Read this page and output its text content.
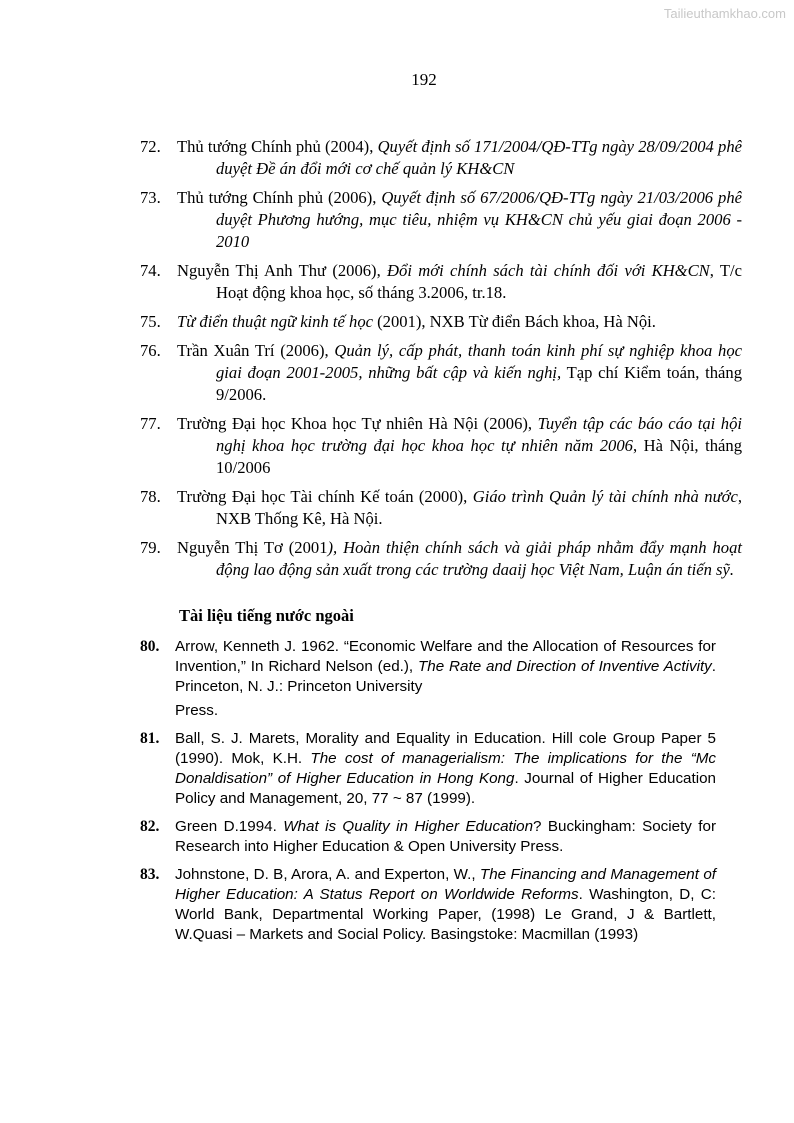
Tailieuthamkhao.com
192
72. Thủ tướng Chính phủ (2004), Quyết định số 171/2004/QĐ-TTg ngày 28/09/2004 phê duyệt Đề án đổi mới cơ chế quản lý KH&CN
73. Thủ tướng Chính phủ (2006), Quyết định số 67/2006/QĐ-TTg ngày 21/03/2006 phê duyệt Phương hướng, mục tiêu, nhiệm vụ KH&CN chủ yếu giai đoạn 2006 - 2010
74. Nguyễn Thị Anh Thư (2006), Đổi mới chính sách tài chính đối với KH&CN, T/c Hoạt động khoa học, số tháng 3.2006, tr.18.
75. Từ điển thuật ngữ kinh tế học (2001), NXB Từ điển Bách khoa, Hà Nội.
76. Trần Xuân Trí (2006), Quản lý, cấp phát, thanh toán kinh phí sự nghiệp khoa học giai đoạn 2001-2005, những bất cập và kiến nghị, Tạp chí Kiểm toán, tháng 9/2006.
77. Trường Đại học Khoa học Tự nhiên Hà Nội (2006), Tuyển tập các báo cáo tại hội nghị khoa học trường đại học khoa học tự nhiên năm 2006, Hà Nội, tháng 10/2006
78. Trường Đại học Tài chính Kế toán (2000), Giáo trình Quản lý tài chính nhà nước, NXB Thống Kê, Hà Nội.
79. Nguyễn Thị Tơ (2001), Hoàn thiện chính sách và giải pháp nhằm đẩy mạnh hoạt động lao động sản xuất trong các trường daaij học Việt Nam, Luận án tiến sỹ.
Tài liệu tiếng nước ngoài
80. Arrow, Kenneth J. 1962. “Economic Welfare and the Allocation of Resources for Invention,” In Richard Nelson (ed.), The Rate and Direction of Inventive Activity. Princeton, N. J.: Princeton University
Press.
81. Ball, S. J. Marets, Morality and Equality in Education. Hill cole Group Paper 5 (1990). Mok, K.H. The cost of managerialism: The implications for the “Mc Donaldisation” of Higher Education in Hong Kong. Journal of Higher Education Policy and Management, 20, 77 ~ 87 (1999).
82. Green D.1994. What is Quality in Higher Education? Buckingham: Society for Research into Higher Education & Open University Press.
83. Johnstone, D. B, Arora, A. and Experton, W., The Financing and Management of Higher Education: A Status Report on Worldwide Reforms. Washington, D, C: World Bank, Departmental Working Paper, (1998) Le Grand, J & Bartlett, W.Quasi – Markets and Social Policy. Basingstoke: Macmillan (1993)
